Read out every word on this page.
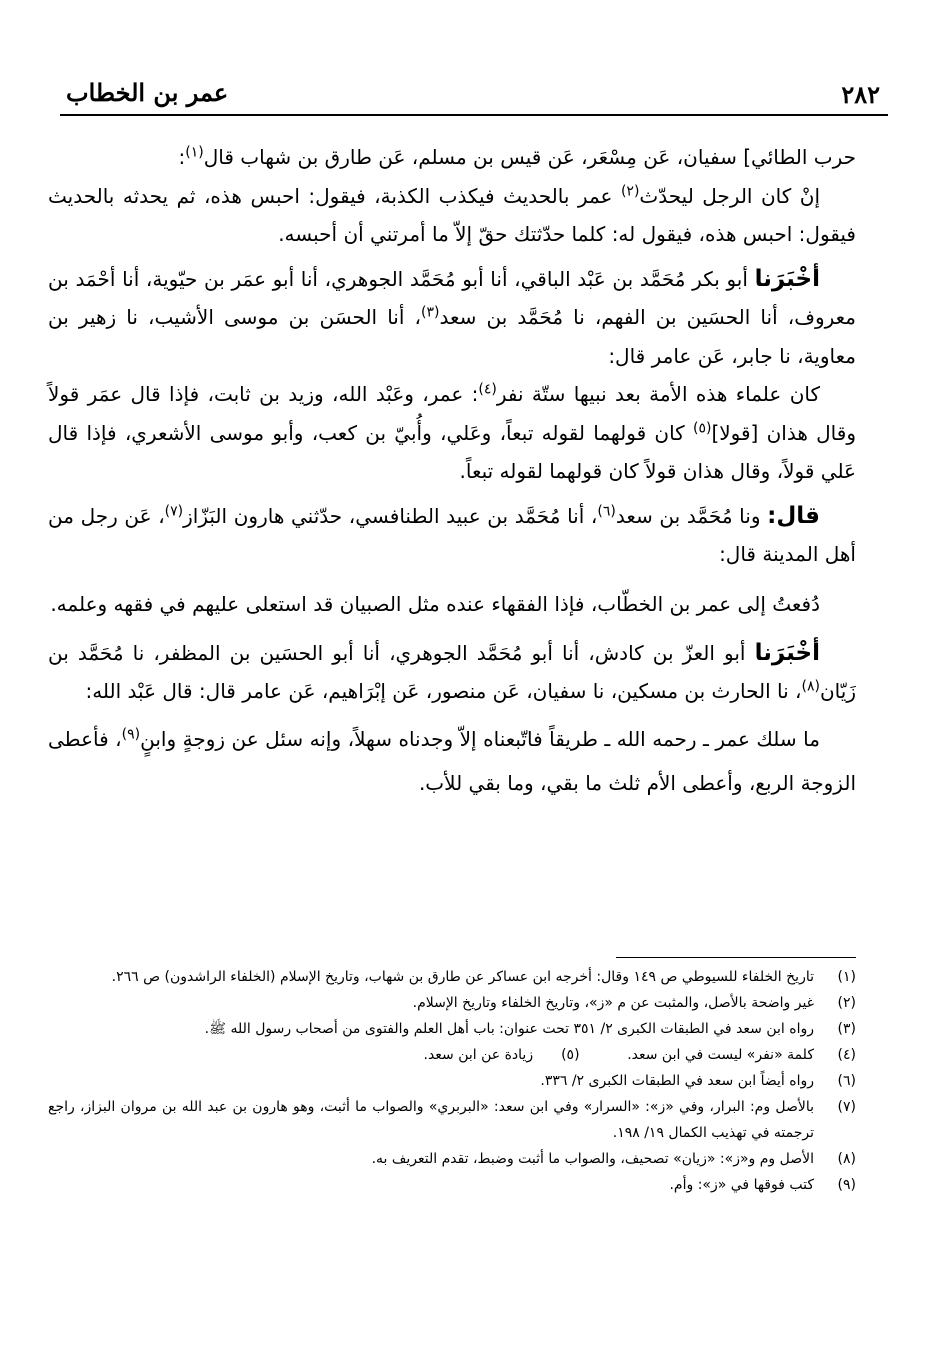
٢٨٢
عمر بن الخطاب

حرب الطائي] سفيان، عَن مِسْعَر، عَن قيس بن مسلم، عَن طارق بن شهاب قال$^{(١)}$:

إنْ كان الرجل ليحدّث$^{(٢)}$ عمر بالحديث فيكذب الكذبة، فيقول: احبس هذه، ثم يحدثه بالحديث فيقول: احبس هذه، فيقول له: كلما حدّثتك حقّ إلاّ ما أمرتني أن أحبسه.

أخْبَرَنا أبو بكر مُحَمَّد بن عَبْد الباقي، أنا أبو مُحَمَّد الجوهري، أنا أبو عمَر بن حيّوية، أنا أحْمَد بن معروف، أنا الحسَين بن الفهم، نا مُحَمَّد بن سعد$^{(٣)}$، أنا الحسَن بن موسى الأشيب، نا زهير بن معاوية، نا جابر، عَن عامر قال:

كان علماء هذه الأمة بعد نبيها ستّة نفر$^{(٤)}$: عمر، وعَبْد الله، وزيد بن ثابت، فإذا قال عمَر قولاً وقال هذان [قولا]$^{(٥)}$ كان قولهما لقوله تبعاً، وعَلي، وأُبيّ بن كعب، وأبو موسى الأشعري، فإذا قال عَلي قولاً، وقال هذان قولاً كان قولهما لقوله تبعاً.

قال: ونا مُحَمَّد بن سعد$^{(٦)}$، أنا مُحَمَّد بن عبيد الطنافسي، حدّثني هارون البَزّاز$^{(٧)}$، عَن رجل من أهل المدينة قال:

دُفعتُ إلى عمر بن الخطّاب، فإذا الفقهاء عنده مثل الصبيان قد استعلى عليهم في فقهه وعلمه.

أخْبَرَنا أبو العزّ بن كادش، أنا أبو مُحَمَّد الجوهري، أنا أبو الحسَين بن المظفر، نا مُحَمَّد بن زَيّان$^{(٨)}$، نا الحارث بن مسكين، نا سفيان، عَن منصور، عَن إبْرَاهيم، عَن عامر قال: قال عَبْد الله:

ما سلك عمر ـ رحمه الله ـ طريقاً فاتّبعناه إلاّ وجدناه سهلاً، وإنه سئل عن زوجةٍ وابنٍ$^{(٩)}$، فأعطى الزوجة الربع، وأعطى الأم ثلث ما بقي، وما بقي للأب.

(١)
تاريخ الخلفاء للسيوطي ص ١٤٩ وقال: أخرجه ابن عساكر عن طارق بن شهاب، وتاريخ الإسلام (الخلفاء الراشدون) ص ٢٦٦.
(٢)
غير واضحة بالأصل، والمثبت عن م «ز»، وتاريخ الخلفاء وتاريخ الإسلام.
(٣)
رواه ابن سعد في الطبقات الكبرى ٢/ ٣٥١ تحت عنوان: باب أهل العلم والفتوى من أصحاب رسول الله ﷺ.
(٤)
كلمة «نفر» ليست في ابن سعد. (٥) زيادة عن ابن سعد.
(٦)
رواه أيضاً ابن سعد في الطبقات الكبرى ٢/ ٣٣٦.
(٧)
بالأصل وم: البرار، وفي «ز»: «السرار» وفي ابن سعد: «البربري» والصواب ما أثبت، وهو هارون بن عبد الله بن مروان البزاز، راجع ترجمته في تهذيب الكمال ١٩/ ١٩٨.
(٨)
الأصل وم و«ز»: «زيان» تصحيف، والصواب ما أثبت وضبط، تقدم التعريف به.
(٩)
كتب فوقها في «ز»: وأم.
